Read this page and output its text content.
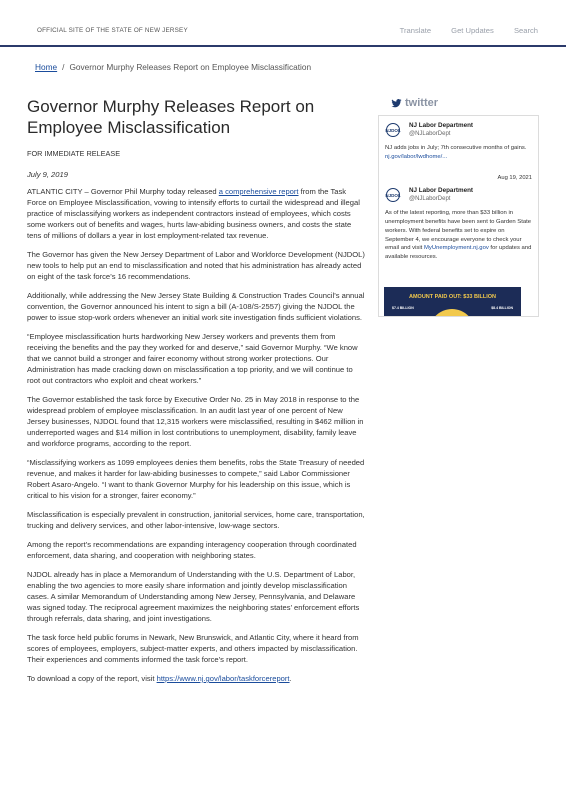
OFFICIAL SITE OF THE STATE OF NEW JERSEY	Translate	Get Updates	Search
Home / Governor Murphy Releases Report on Employee Misclassification
Governor Murphy Releases Report on Employee Misclassification
FOR IMMEDIATE RELEASE
July 9, 2019

ATLANTIC CITY – Governor Phil Murphy today released a comprehensive report from the Task Force on Employee Misclassification, vowing to intensify efforts to curtail the widespread and illegal practice of misclassifying workers as independent contractors instead of employees, which costs some workers out of benefits and wages, hurts law-abiding business owners, and costs the state tens of millions of dollars a year in lost employment-related tax revenue.

The Governor has given the New Jersey Department of Labor and Workforce Development (NJDOL) new tools to help put an end to misclassification and noted that his administration has already acted on eight of the task force’s 16 recommendations.

Additionally, while addressing the New Jersey State Building & Construction Trades Council’s annual convention, the Governor announced his intent to sign a bill (A-108/S-2557) giving the NJDOL the power to issue stop-work orders whenever an initial work site investigation finds sufficient violations.

“Employee misclassification hurts hardworking New Jersey workers and prevents them from receiving the benefits and the pay they worked for and deserve,” said Governor Murphy. “We know that we cannot build a stronger and fairer economy without strong worker protections. Our Administration has made cracking down on misclassification a top priority, and we will continue to root out contractors who exploit and cheat workers.”

The Governor established the task force by Executive Order No. 25 in May 2018 in response to the widespread problem of employee misclassification. In an audit last year of one percent of New Jersey businesses, NJDOL found that 12,315 workers were misclassified, resulting in $462 million in underreported wages and $14 million in lost contributions to unemployment, disability, family leave and workforce programs, according to the report.

“Misclassifying workers as 1099 employees denies them benefits, robs the State Treasury of needed revenue, and makes it harder for law-abiding businesses to compete,” said Labor Commissioner Robert Asaro-Angelo. “I want to thank Governor Murphy for his leadership on this issue, which is critical to his vision for a stronger, fairer economy.”

Misclassification is especially prevalent in construction, janitorial services, home care, transportation, trucking and delivery services, and other labor-intensive, low-wage sectors.

Among the report’s recommendations are expanding interagency cooperation through coordinated enforcement, data sharing, and cooperation with neighboring states.

NJDOL already has in place a Memorandum of Understanding with the U.S. Department of Labor, enabling the two agencies to more easily share information and jointly develop misclassification cases. A similar Memorandum of Understanding among New Jersey, Pennsylvania, and Delaware was signed today. The reciprocal agreement maximizes the neighboring states’ enforcement efforts through referrals, data sharing, and joint investigations.

The task force held public forums in Newark, New Brunswick, and Atlantic City, where it heard from scores of employees, employers, subject-matter experts, and others impacted by misclassification. Their experiences and comments informed the task force’s report.

To download a copy of the report, visit https://www.nj.gov/labor/taskforcereport.

twitter
NJDOL
NJ Labor Department
@NJLaborDept
NJ adds jobs in July; 7th consecutive months of gains. nj.gov/labor/lwdhome/...
Aug 19, 2021
NJDOL
NJ Labor Department
@NJLaborDept
As of the latest reporting, more than $33 billion in unemployment benefits have been sent to Garden State workers. With federal benefits set to expire on September 4, we encourage everyone to check your email and visit MyUnemployment.nj.gov for updates and available resources.
AMOUNT PAID OUT: $33 BILLION
$7.4 BILLION	$8.4 BILLION
